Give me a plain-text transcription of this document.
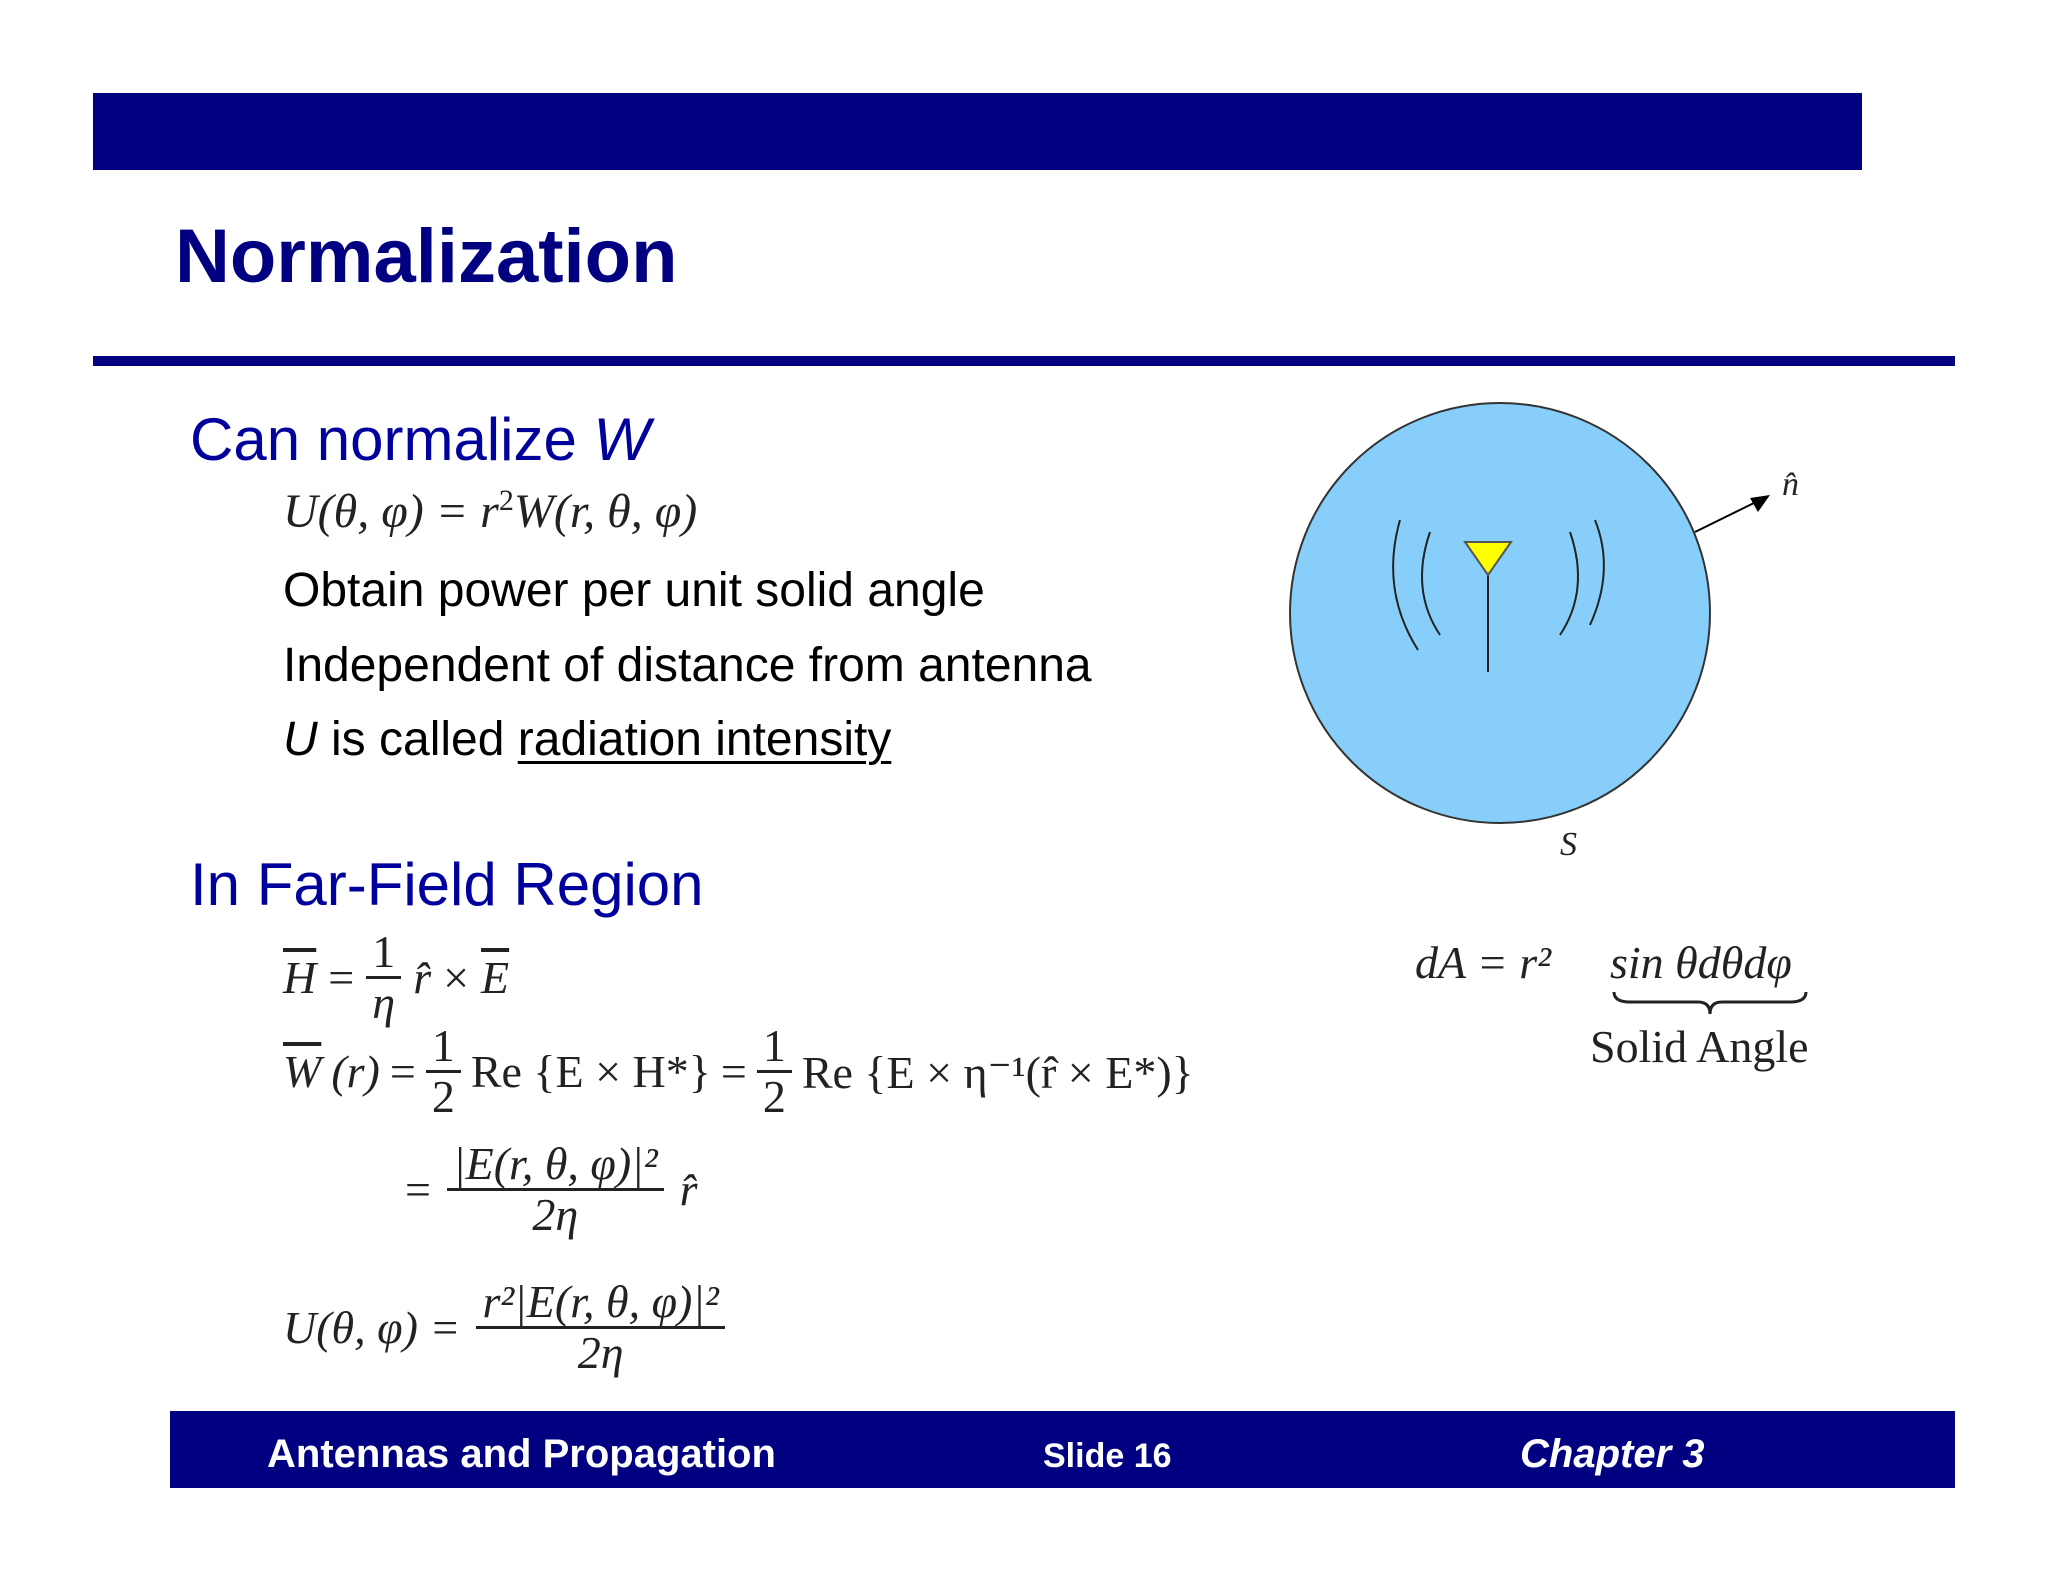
Normalization
Can normalize W
U(θ, $\varphi) = r^2W(r$, θ, φ)
Obtain power per unit solid angle
Independent of distance from antenna
U is called radiation intensity
In Far-Field Region
$\overline{H} = \frac{1}{\eta}$ r̂ × $\overline{E}$
$\overline{W}$ $(r) = \frac{1}{2}$ Re $\{E \times H*\} = \frac{1}{2}$ Re {E × η⁻¹(r̂ × E*)}
= $\frac{\text{|E(r, θ, φ)|²}}{2\eta}$ r̂
U(θ, $\varphi) = \frac{\text{r²|E(r, θ, φ)|²}}{2\eta}$
n̂
S
dA = r² sin θdθdφ
Solid Angle
Antennas and Propagation	Slide 16	Chapter 3
